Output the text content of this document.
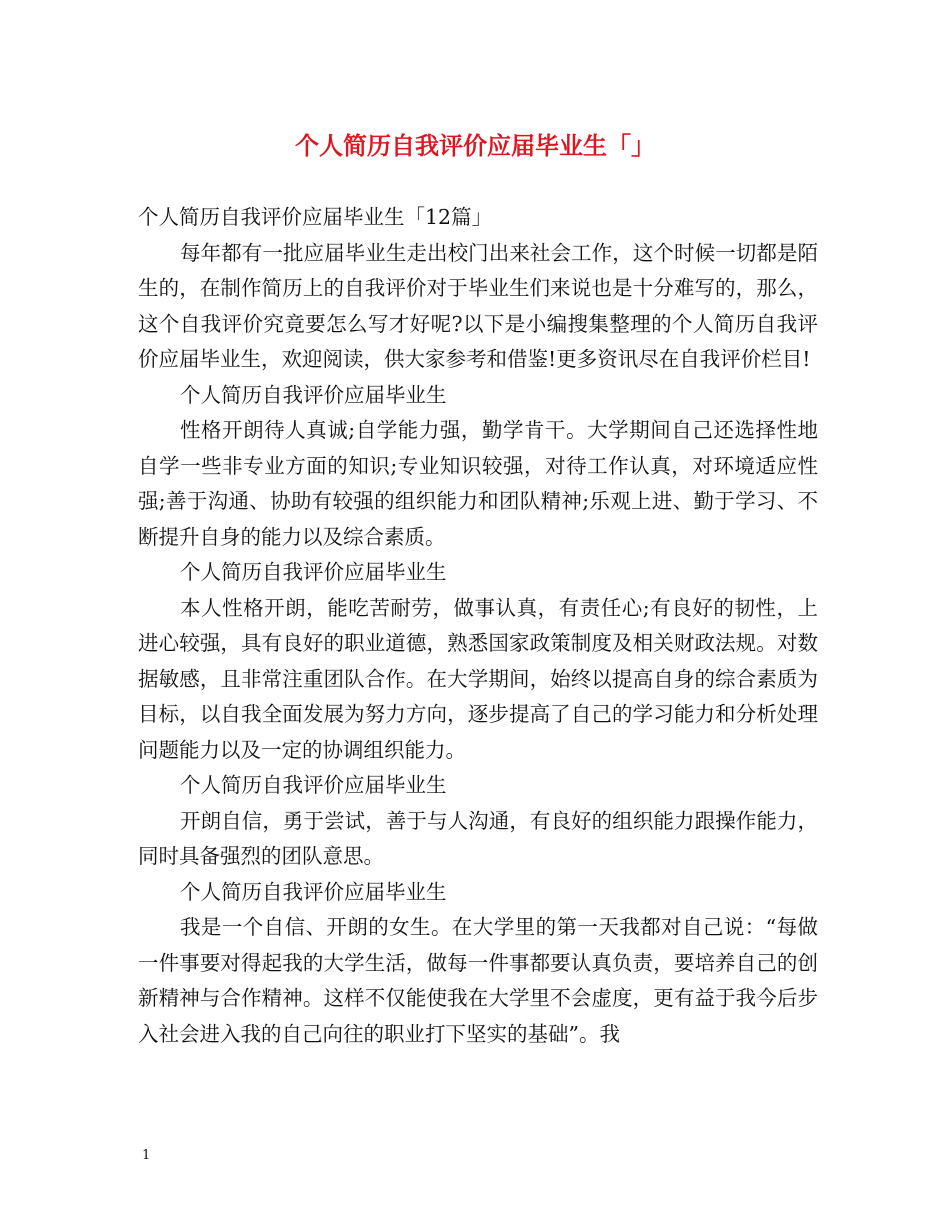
个人简历自我评价应届毕业生「」

个人简历自我评价应届毕业生「12篇」

每年都有一批应届毕业生走出校门出来社会工作，这个时候一切都是陌生的，在制作简历上的自我评价对于毕业生们来说也是十分难写的，那么，这个自我评价究竟要怎么写才好呢?以下是小编搜集整理的个人简历自我评价应届毕业生，欢迎阅读，供大家参考和借鉴!更多资讯尽在自我评价栏目!

个人简历自我评价应届毕业生

性格开朗待人真诚;自学能力强，勤学肯干。大学期间自己还选择性地自学一些非专业方面的知识;专业知识较强，对待工作认真，对环境适应性强;善于沟通、协助有较强的组织能力和团队精神;乐观上进、勤于学习、不断提升自身的能力以及综合素质。

个人简历自我评价应届毕业生

本人性格开朗，能吃苦耐劳，做事认真，有责任心;有良好的韧性，上进心较强，具有良好的职业道德，熟悉国家政策制度及相关财政法规。对数据敏感，且非常注重团队合作。在大学期间，始终以提高自身的综合素质为目标，以自我全面发展为努力方向，逐步提高了自己的学习能力和分析处理问题能力以及一定的协调组织能力。

个人简历自我评价应届毕业生

开朗自信，勇于尝试，善于与人沟通，有良好的组织能力跟操作能力，同时具备强烈的团队意思。

个人简历自我评价应届毕业生

我是一个自信、开朗的女生。在大学里的第一天我都对自己说：“每做一件事要对得起我的大学生活，做每一件事都要认真负责，要培养自己的创新精神与合作精神。这样不仅能使我在大学里不会虚度，更有益于我今后步入社会进入我的自己向往的职业打下坚实的基础”。我

1
